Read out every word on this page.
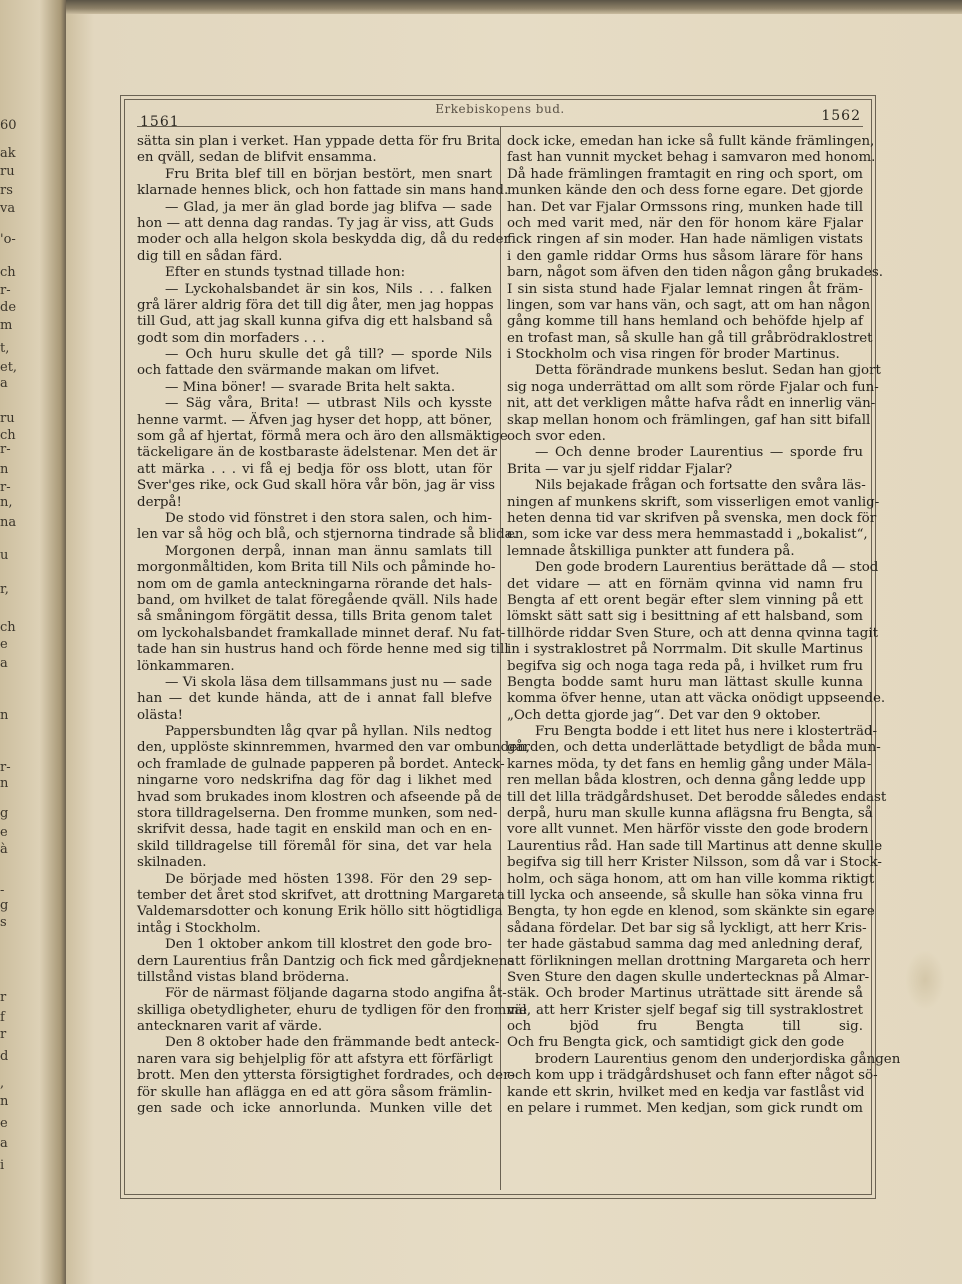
60
ak
ru
rs
va
'o-
ch
r-
de
m
t,
et,
a
ru
ch
r-
n
r-
n,
na
u
r,
ch
e
a
n
r-
n
g
e
à
-
g
s
r
f
r
d
,
n
e
a
i
1561
Erkebiskopens bud.	1562
sätta sin plan i verket. Han yppade detta för fru Brita
en qväll, sedan de blifvit ensamma.
Fru Brita blef till en början bestört, men snart
klarnade hennes blick, och hon fattade sin mans hand.
— Glad, ja mer än glad borde jag blifva — sade
hon — att denna dag randas. Ty jag är viss, att Guds
moder och alla helgon skola beskydda dig, då du reder
dig till en sådan färd.
Efter en stunds tystnad tillade hon:
— Lyckohalsbandet är sin kos, Nils . . . falken
grå lärer aldrig föra det till dig åter, men jag hoppas
till Gud, att jag skall kunna gifva dig ett halsband så
godt som din morfaders . . .
— Och huru skulle det gå till? — sporde Nils
och fattade den svärmande makan om lifvet.
— Mina böner! — svarade Brita helt sakta.
— Säg våra, Brita! — utbrast Nils och kysste
henne varmt. — Äfven jag hyser det hopp, att böner,
som gå af hjertat, förmå mera och äro den allsmäktige
täckeligare än de kostbaraste ädelstenar. Men det är
att märka . . . vi få ej bedja för oss blott, utan för
Sver'ges rike, ock Gud skall höra vår bön, jag är viss
derpå!
De stodo vid fönstret i den stora salen, och him-
len var så hög och blå, och stjernorna tindrade så blida.
Morgonen derpå, innan man ännu samlats till
morgonmåltiden, kom Brita till Nils och påminde ho-
nom om de gamla anteckningarna rörande det hals-
band, om hvilket de talat föregående qväll. Nils hade
så småningom förgätit dessa, tills Brita genom talet
om lyckohalsbandet framkallade minnet deraf. Nu fat-
tade han sin hustrus hand och förde henne med sig till
lönkammaren.
— Vi skola läsa dem tillsammans just nu — sade
han — det kunde hända, att de i annat fall blefve
olästa!
Pappersbundten låg qvar på hyllan. Nils nedtog
den, upplöste skinnremmen, hvarmed den var ombunden,
och framlade de gulnade papperen på bordet. Anteck-
ningarne voro nedskrifna dag för dag i likhet med
hvad som brukades inom klostren och afseende på de
stora tilldragelserna. Den fromme munken, som ned-
skrifvit dessa, hade tagit en enskild man och en en-
skild tilldragelse till föremål för sina, det var hela
skilnaden.
De började med hösten 1398. För den 29 sep-
tember det året stod skrifvet, att drottning Margareta
Valdemarsdotter och konung Erik höllo sitt högtidliga
intåg i Stockholm.
Den 1 oktober ankom till klostret den gode bro-
dern Laurentius från Dantzig och fick med gårdjeknens
tillstånd vistas bland bröderna.
För de närmast följande dagarna stodo angifna åt-
skilliga obetydligheter, ehuru de tydligen för den fromme
antecknaren varit af värde.
Den 8 oktober hade den främmande bedt anteck-
naren vara sig behjelplig för att afstyra ett förfärligt
brott. Men den yttersta försigtighet fordrades, och der-
för skulle han aflägga en ed att göra såsom främlin-
gen sade och icke annorlunda. Munken ville det
dock icke, emedan han icke så fullt kände främlingen,
fast han vunnit mycket behag i samvaron med honom.
Då hade främlingen framtagit en ring och sport, om
munken kände den och dess forne egare. Det gjorde
han. Det var Fjalar Ormssons ring, munken hade till
och med varit med, när den för honom käre Fjalar
fick ringen af sin moder. Han hade nämligen vistats
i den gamle riddar Orms hus såsom lärare för hans
barn, något som äfven den tiden någon gång brukades.
I sin sista stund hade Fjalar lemnat ringen åt främ-
lingen, som var hans vän, och sagt, att om han någon
gång komme till hans hemland och behöfde hjelp af
en trofast man, så skulle han gå till gråbrödraklostret
i Stockholm och visa ringen för broder Martinus.
Detta förändrade munkens beslut. Sedan han gjort
sig noga underrättad om allt som rörde Fjalar och fun-
nit, att det verkligen måtte hafva rådt en innerlig vän-
skap mellan honom och främlingen, gaf han sitt bifall
och svor eden.
— Och denne broder Laurentius — sporde fru
Brita — var ju sjelf riddar Fjalar?
Nils bejakade frågan och fortsatte den svåra läs-
ningen af munkens skrift, som visserligen emot vanlig-
heten denna tid var skrifven på svenska, men dock för
en, som icke var dess mera hemmastadd i „bokalist“,
lemnade åtskilliga punkter att fundera på.
Den gode brodern Laurentius berättade då — stod
det vidare — att en förnäm qvinna vid namn fru
Bengta af ett orent begär efter slem vinning på ett
lömskt sätt satt sig i besittning af ett halsband, som
tillhörde riddar Sven Sture, och att denna qvinna tagit
in i systraklostret på Norrmalm. Dit skulle Martinus
begifva sig och noga taga reda på, i hvilket rum fru
Bengta bodde samt huru man lättast skulle kunna
komma öfver henne, utan att väcka onödigt uppseende.
„Och detta gjorde jag“. Det var den 9 oktober.
Fru Bengta bodde i ett litet hus nere i klosterträd-
gården, och detta underlättade betydligt de båda mun-
karnes möda, ty det fans en hemlig gång under Mäla-
ren mellan båda klostren, och denna gång ledde upp
till det lilla trädgårdshuset. Det berodde således endast
derpå, huru man skulle kunna aflägsna fru Bengta, så
vore allt vunnet. Men härför visste den gode brodern
Laurentius råd. Han sade till Martinus att denne skulle
begifva sig till herr Krister Nilsson, som då var i Stock-
holm, och säga honom, att om han ville komma riktigt
till lycka och anseende, så skulle han söka vinna fru
Bengta, ty hon egde en klenod, som skänkte sin egare
sådana fördelar. Det bar sig så lyckligt, att herr Kris-
ter hade gästabud samma dag med anledning deraf,
att förlikningen mellan drottning Margareta och herr
Sven Sture den dagen skulle undertecknas på Almar-
stäk. Och broder Martinus uträttade sitt ärende så
väl, att herr Krister sjelf begaf sig till systraklostret
och bjöd fru Bengta till sig.
Och fru Bengta gick, och samtidigt gick den gode
brodern Laurentius genom den underjordiska gången
och kom upp i trädgårdshuset och fann efter något sö-
kande ett skrin, hvilket med en kedja var fastlåst vid
en pelare i rummet. Men kedjan, som gick rundt om
